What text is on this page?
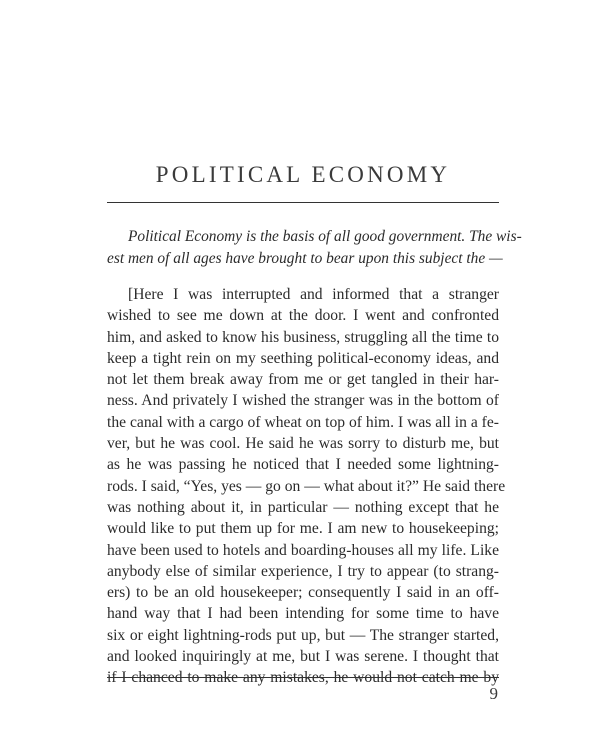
POLITICAL ECONOMY
Political Economy is the basis of all good government. The wis-
est men of all ages have brought to bear upon this subject the —
[Here I was interrupted and informed that a stranger
wished to see me down at the door. I went and confronted
him, and asked to know his business, struggling all the time to
keep a tight rein on my seething political-economy ideas, and
not let them break away from me or get tangled in their har-
ness. And privately I wished the stranger was in the bottom of
the canal with a cargo of wheat on top of him. I was all in a fe-
ver, but he was cool. He said he was sorry to disturb me, but
as he was passing he noticed that I needed some lightning-
rods. I said, “Yes, yes — go on — what about it?” He said there
was nothing about it, in particular — nothing except that he
would like to put them up for me. I am new to housekeeping;
have been used to hotels and boarding-houses all my life. Like
anybody else of similar experience, I try to appear (to strang-
ers) to be an old housekeeper; consequently I said in an off-
hand way that I had been intending for some time to have
six or eight lightning-rods put up, but — The stranger started,
and looked inquiringly at me, but I was serene. I thought that
if I chanced to make any mistakes, he would not catch me by
9
